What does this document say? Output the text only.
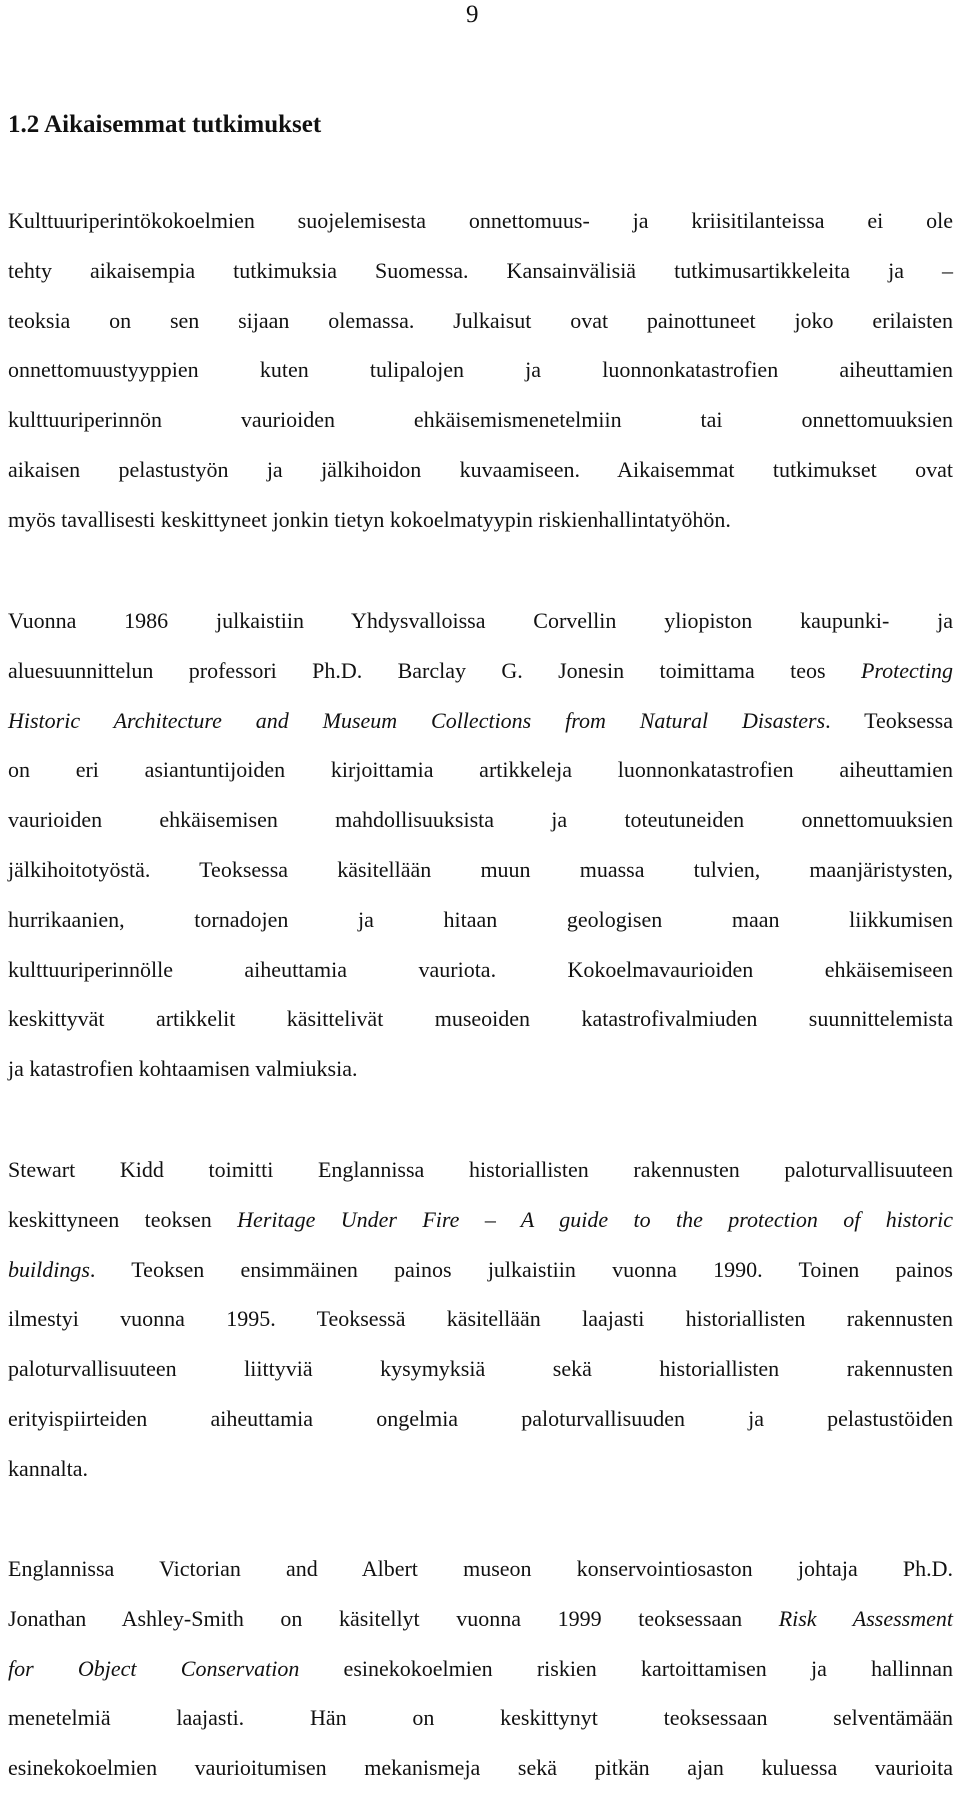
9
1.2 Aikaisemmat tutkimukset
Kulttuuriperintökokoelmien suojelemisesta onnettomuus- ja kriisitilanteissa ei ole
tehty aikaisempia tutkimuksia Suomessa. Kansainvälisiä tutkimusartikkeleita ja –
teoksia on sen sijaan olemassa. Julkaisut ovat painottuneet joko erilaisten
onnettomuustyyppien kuten tulipalojen ja luonnonkatastrofien aiheuttamien
kulttuuriperinnön vaurioiden ehkäisemismenetelmiin tai onnettomuuksien
aikaisen pelastustyön ja jälkihoidon kuvaamiseen. Aikaisemmat tutkimukset ovat
myös tavallisesti keskittyneet jonkin tietyn kokoelmatyypin riskienhallintatyöhön.
Vuonna 1986 julkaistiin Yhdysvalloissa Corvellin yliopiston kaupunki- ja
aluesuunnittelun professori Ph.D. Barclay G. Jonesin toimittama teos Protecting
Historic Architecture and Museum Collections from Natural Disasters. Teoksessa
on eri asiantuntijoiden kirjoittamia artikkeleja luonnonkatastrofien aiheuttamien
vaurioiden ehkäisemisen mahdollisuuksista ja toteutuneiden onnettomuuksien
jälkihoitotyöstä. Teoksessa käsitellään muun muassa tulvien, maanjäristysten,
hurrikaanien, tornadojen ja hitaan geologisen maan liikkumisen
kulttuuriperinnölle aiheuttamia vauriota. Kokoelmavaurioiden ehkäisemiseen
keskittyvät artikkelit käsittelivät museoiden katastrofivalmiuden suunnittelemista
ja katastrofien kohtaamisen valmiuksia.
Stewart Kidd toimitti Englannissa historiallisten rakennusten paloturvallisuuteen
keskittyneen teoksen Heritage Under Fire – A guide to the protection of historic
buildings. Teoksen ensimmäinen painos julkaistiin vuonna 1990. Toinen painos
ilmestyi vuonna 1995. Teoksessä käsitellään laajasti historiallisten rakennusten
paloturvallisuuteen liittyviä kysymyksiä sekä historiallisten rakennusten
erityispiirteiden aiheuttamia ongelmia paloturvallisuuden ja pelastustöiden
kannalta.
Englannissa Victorian and Albert museon konservointiosaston johtaja Ph.D.
Jonathan Ashley-Smith on käsitellyt vuonna 1999 teoksessaan Risk Assessment
for Object Conservation esinekokoelmien riskien kartoittamisen ja hallinnan
menetelmiä laajasti. Hän on keskittynyt teoksessaan selventämään
esinekokoelmien vaurioitumisen mekanismeja sekä pitkän ajan kuluessa vaurioita
